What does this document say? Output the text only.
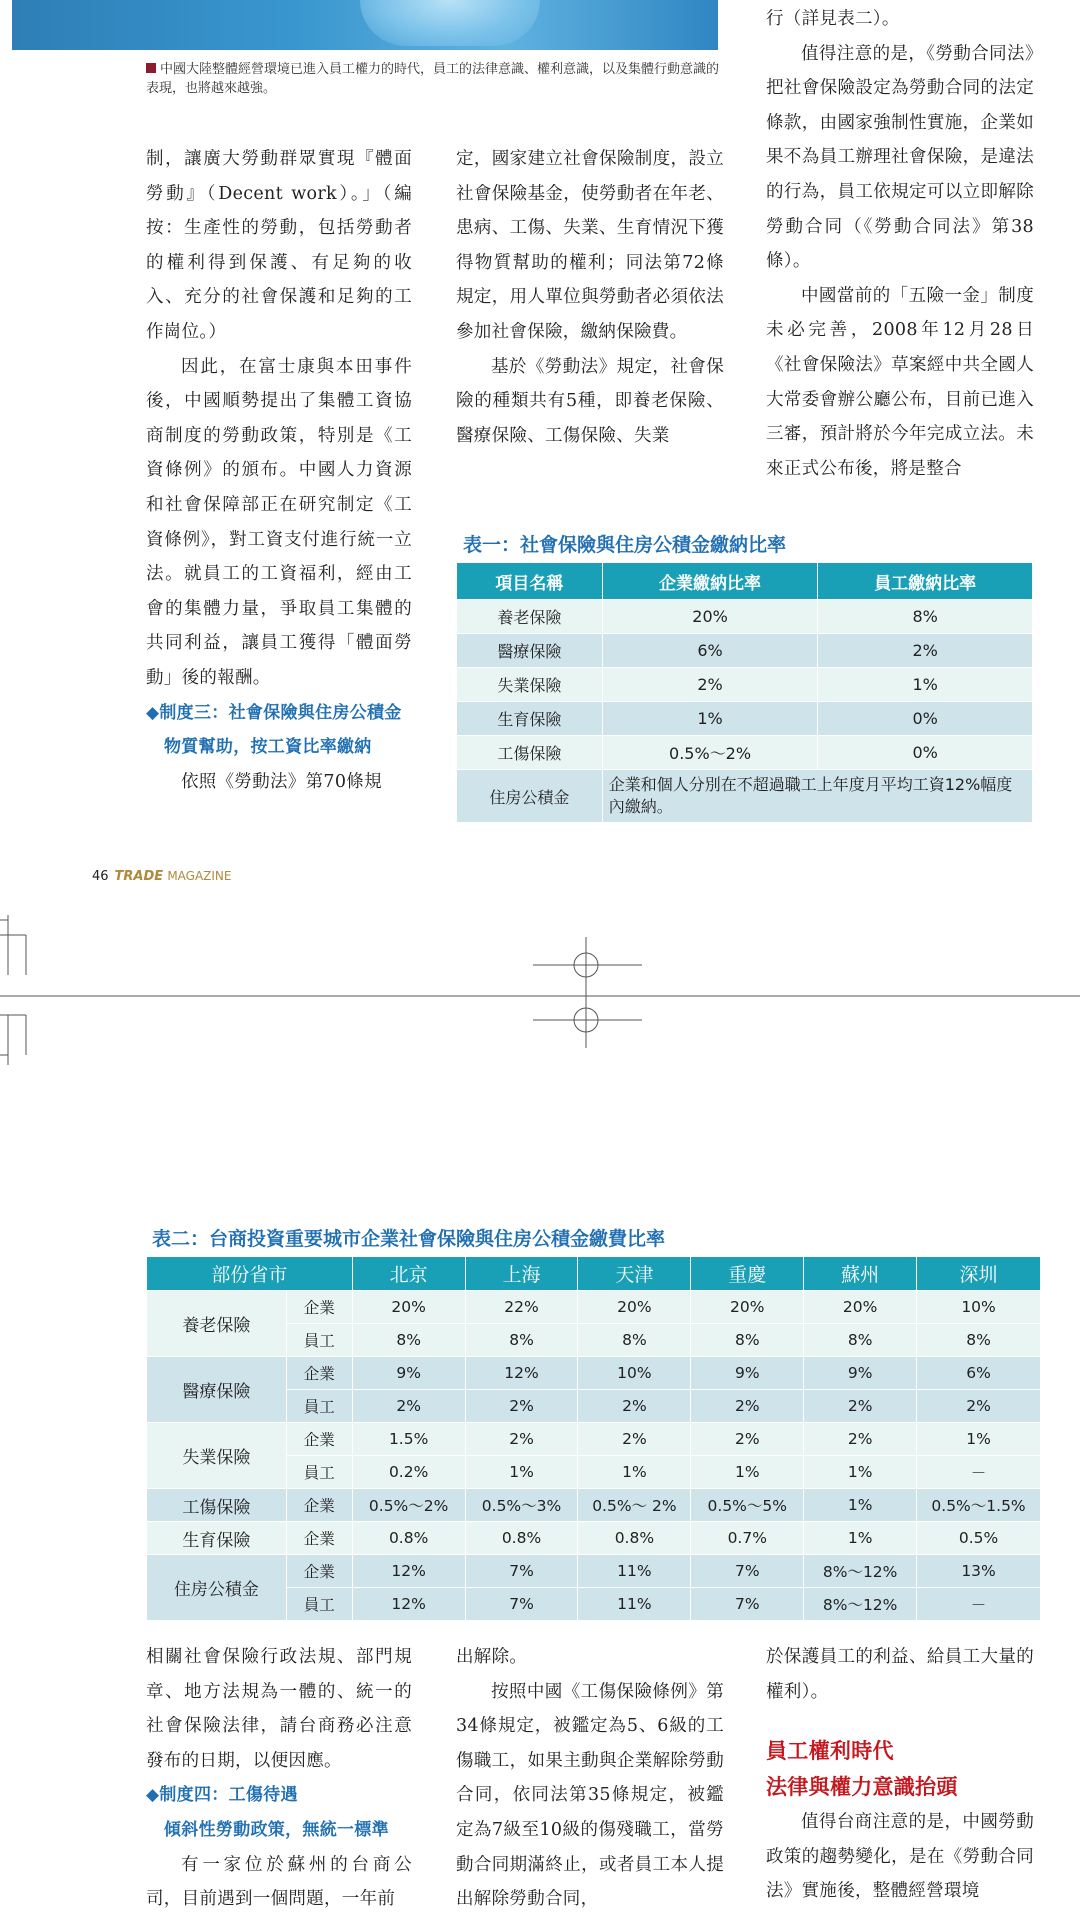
中國大陸整體經營環境已進入員工權力的時代，員工的法律意識、權利意識，以及集體行動意識的表現，也將越來越強。

制，讓廣大勞動群眾實現『體面勞動』（Decent work）。」（編按：生產性的勞動，包括勞動者的權利得到保護、有足夠的收入、充分的社會保護和足夠的工作崗位。）

因此，在富士康與本田事件後，中國順勢提出了集體工資協商制度的勞動政策，特別是《工資條例》的頒布。中國人力資源和社會保障部正在研究制定《工資條例》，對工資支付進行統一立法。就員工的工資福利，經由工會的集體力量，爭取員工集體的共同利益，讓員工獲得「體面勞動」後的報酬。

◆制度三：社會保險與住房公積金

物質幫助，按工資比率繳納

依照《勞動法》第70條規

定，國家建立社會保險制度，設立社會保險基金，使勞動者在年老、患病、工傷、失業、生育情況下獲得物質幫助的權利；同法第72條規定，用人單位與勞動者必須依法參加社會保險，繳納保險費。

基於《勞動法》規定，社會保險的種類共有5種，即養老保險、醫療保險、工傷保險、失業

行（詳見表二）。

值得注意的是，《勞動合同法》把社會保險設定為勞動合同的法定條款，由國家強制性實施，企業如果不為員工辦理社會保險，是違法的行為，員工依規定可以立即解除勞動合同（《勞動合同法》第38條）。

中國當前的「五險一金」制度未必完善，2008年12月28日《社會保險法》草案經中共全國人大常委會辦公廳公布，目前已進入三審，預計將於今年完成立法。未來正式公布後，將是整合

表一：社會保險與住房公積金繳納比率
項目名稱	企業繳納比率	員工繳納比率
養老保險	20%	8%
醫療保險	6%	2%
失業保險	2%	1%
生育保險	1%	0%
工傷保險	0.5%～2%	0%
住房公積金	企業和個人分別在不超過職工上年度月平均工資12%幅度內繳納。	
46 TRADE MAGAZINE
表二：台商投資重要城市企業社會保險與住房公積金繳費比率
部份省市		北京	上海	天津	重慶	蘇州	深圳
養老保險	企業	20%	22%	20%	20%	20%	10%
	員工	8%	8%	8%	8%	8%	8%
醫療保險	企業	9%	12%	10%	9%	9%	6%
	員工	2%	2%	2%	2%	2%	2%
失業保險	企業	1.5%	2%	2%	2%	2%	1%
	員工	0.2%	1%	1%	1%	1%	－
工傷保險	企業	0.5%～2%	0.5%～3%	0.5%～ 2%	0.5%～5%	1%	0.5%～1.5%
生育保險	企業	0.8%	0.8%	0.8%	0.7%	1%	0.5%
住房公積金	企業	12%	7%	11%	7%	8%～12%	13%
	員工	12%	7%	11%	7%	8%～12%	－

相關社會保險行政法規、部門規章、地方法規為一體的、統一的社會保險法律，請台商務必注意發布的日期，以便因應。

◆制度四：工傷待遇

傾斜性勞動政策，無統一標準

有一家位於蘇州的台商公司，目前遇到一個問題，一年前

出解除。

按照中國《工傷保險條例》第34條規定，被鑑定為5、6級的工傷職工，如果主動與企業解除勞動合同，依同法第35條規定，被鑑定為7級至10級的傷殘職工，當勞動合同期滿終止，或者員工本人提出解除勞動合同，

於保護員工的利益、給員工大量的權利）。

員工權利時代

法律與權力意識抬頭

值得台商注意的是，中國勞動政策的趨勢變化，是在《勞動合同法》實施後，整體經營環境
